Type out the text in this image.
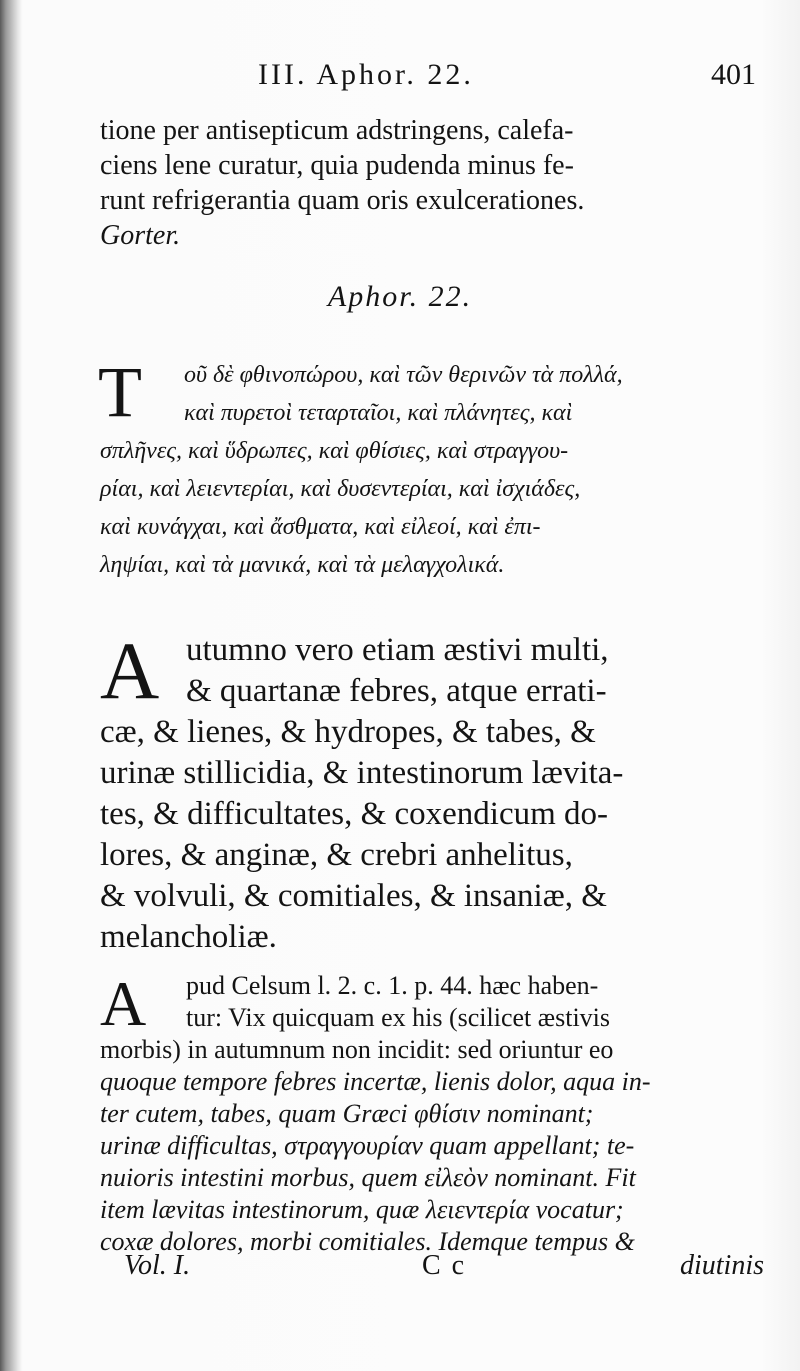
III. Aphor. 22.	401
tione per antisepticum adstringens, calefa-
ciens lene curatur, quia pudenda minus fe-
runt refrigerantia quam oris exulcerationes.
Gorter.
Aphor. 22.
T	οῦ δὲ φθινοπώρου, καὶ τῶν θερινῶν τὰ πολλά,
καὶ πυρετοὶ τεταρταῖοι, καὶ πλάνητες, καὶ
σπλῆνες, καὶ ὕδρωπες, καὶ φθίσιες, καὶ στραγγου-
ρίαι, καὶ λειεντερίαι, καὶ δυσεντερίαι, καὶ ἰσχιάδες,
καὶ κυνάγχαι, καὶ ἄσθματα, καὶ εἰλεοί, καὶ ἐπι-
ληψίαι, καὶ τὰ μανικά, καὶ τὰ μελαγχολικά.
A utumno vero etiam æstivi multi,
& quartanæ febres, atque errati-
cæ, & lienes, & hydropes, & tabes, &
urinæ stillicidia, & intestinorum lævita-
tes, & difficultates, & coxendicum do-
lores, & anginæ, & crebri anhelitus,
& volvuli, & comitiales, & insaniæ, &
melancholiæ.
A	pud Celsum l. 2. c. 1. p. 44. hæc haben-
tur: Vix quicquam ex his (scilicet æstivis
morbis) in autumnum non incidit: sed oriuntur eo
quoque tempore febres incertæ, lienis dolor, aqua in-
ter cutem, tabes, quam Græci φθίσιν nominant;
urinæ difficultas, στραγγουρίαν quam appellant; te-
nuioris intestini morbus, quem εἰλεὸν nominant. Fit
item lævitas intestinorum, quæ λειεντερία vocatur;
coxæ dolores, morbi comitiales. Idemque tempus &
Vol. I.	C c	diutinis
